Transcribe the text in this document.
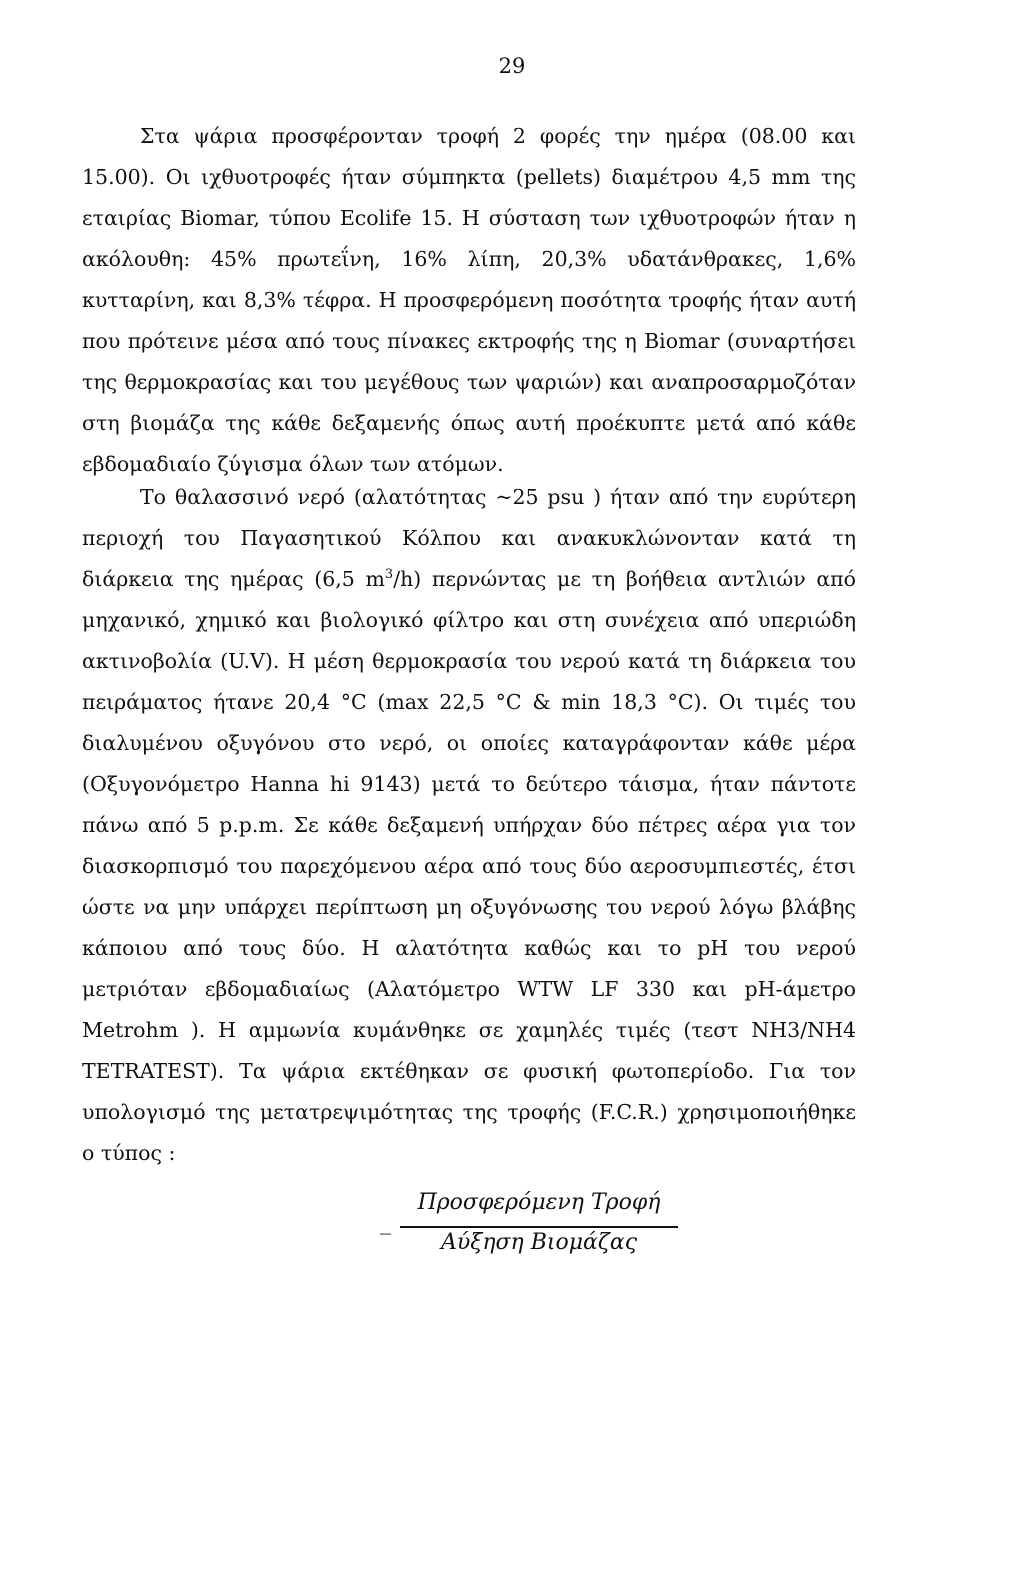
29

Στα ψάρια προσφέρονταν τροφή 2 φορές την ημέρα (08.00 και 15.00). Οι ιχθυοτροφές ήταν σύμπηκτα (pellets) διαμέτρου 4,5 mm της εταιρίας Biomar, τύπου Ecolife 15. Η σύσταση των ιχθυοτροφών ήταν η ακόλουθη: 45% πρωτεΐνη, 16% λίπη, 20,3% υδατάνθρακες, 1,6% κυτταρίνη, και 8,3% τέφρα. Η προσφερόμενη ποσότητα τροφής ήταν αυτή που πρότεινε μέσα από τους πίνακες εκτροφής της η Biomar (συναρτήσει της θερμοκρασίας και του μεγέθους των ψαριών) και αναπροσαρμοζόταν στη βιομάζα της κάθε δεξαμενής όπως αυτή προέκυπτε μετά από κάθε εβδομαδιαίο ζύγισμα όλων των ατόμων.

Το θαλασσινό νερό (αλατότητας ~25 psu ) ήταν από την ευρύτερη περιοχή του Παγασητικού Κόλπου και ανακυκλώνονταν κατά τη διάρκεια της ημέρας (6,5 $m^3/h$) περνώντας με τη βοήθεια αντλιών από μηχανικό, χημικό και βιολογικό φίλτρο και στη συνέχεια από υπεριώδη ακτινοβολία (U.V). Η μέση θερμοκρασία του νερού κατά τη διάρκεια του πειράματος ήτανε 20,4 °C (max 22,5 °C & min 18,3 °C). Οι τιμές του διαλυμένου οξυγόνου στο νερό, οι οποίες καταγράφονταν κάθε μέρα (Οξυγονόμετρο Hanna hi 9143) μετά το δεύτερο τάισμα, ήταν πάντοτε πάνω από 5 p.p.m. Σε κάθε δεξαμενή υπήρχαν δύο πέτρες αέρα για τον διασκορπισμό του παρεχόμενου αέρα από τους δύο αεροσυμπιεστές, έτσι ώστε να μην υπάρχει περίπτωση μη οξυγόνωσης του νερού λόγω βλάβης κάποιου από τους δύο. Η αλατότητα καθώς και το pH του νερού μετριόταν εβδομαδιαίως (Αλατόμετρο WTW LF 330 και pH-άμετρο Metrohm ). Η αμμωνία κυμάνθηκε σε χαμηλές τιμές (τεστ NH3/NH4 TETRATEST). Τα ψάρια εκτέθηκαν σε φυσική φωτοπερίοδο. Για τον υπολογισμό της μετατρεψιμότητας της τροφής (F.C.R.) χρησιμοποιήθηκε ο τύπος :

_
Προσφερόμενη Τροφή
Αύξηση Βιομάζας
